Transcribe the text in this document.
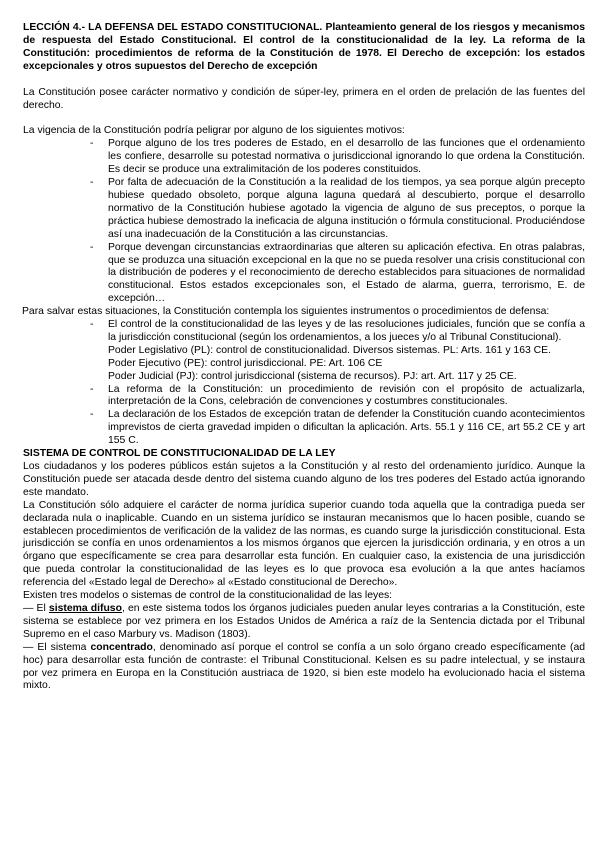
LECCIÓN 4.- LA DEFENSA DEL ESTADO CONSTITUCIONAL. Planteamiento general de los riesgos y mecanismos de respuesta del Estado Constitucional. El control de la constitucionalidad de la ley. La reforma de la Constitución: procedimientos de reforma de la Constitución de 1978. El Derecho de excepción: los estados excepcionales y otros supuestos del Derecho de excepción

La Constitución posee carácter normativo y condición de súper-ley, primera en el orden de prelación de las fuentes del derecho.

La vigencia de la Constitución podría peligrar por alguno de los siguientes motivos:

- Porque alguno de los tres poderes de Estado, en el desarrollo de las funciones que el ordenamiento les confiere, desarrolle su potestad normativa o jurisdiccional ignorando lo que ordena la Constitución. Es decir se produce una extralimitación de los poderes constituidos.

- Por falta de adecuación de la Constitución a la realidad de los tiempos, ya sea porque algún precepto hubiese quedado obsoleto, porque alguna laguna quedará al descubierto, porque el desarrollo normativo de la Constitución hubiese agotado la vigencia de alguno de sus preceptos, o porque la práctica hubiese demostrado la ineficacia de alguna institución o fórmula constitucional. Produciéndose así una inadecuación de la Constitución a las circunstancias.

- Porque devengan circunstancias extraordinarias que alteren su aplicación efectiva. En otras palabras, que se produzca una situación excepcional en la que no se pueda resolver una crisis constitucional con la distribución de poderes y el reconocimiento de derecho establecidos para situaciones de normalidad constitucional. Estos estados excepcionales son, el Estado de alarma, guerra, terrorismo, E. de excepción…

Para salvar estas situaciones, la Constitución contempla los siguientes instrumentos o procedimientos de defensa:

- El control de la constitucionalidad de las leyes y de las resoluciones judiciales, función que se confía a la jurisdicción constitucional (según los ordenamientos, a los jueces y/o al Tribunal Constitucional).

Poder Legislativo (PL): control de constitucionalidad. Diversos sistemas. PL: Arts. 161 y 163 CE.

Poder Ejecutivo (PE): control jurisdiccional. PE: Art. 106 CE

Poder Judicial (PJ): control jurisdiccional (sistema de recursos). PJ: art. Art. 117 y 25 CE.

- La reforma de la Constitución: un procedimiento de revisión con el propósito de actualizarla, interpretación de la Cons, celebración de convenciones y costumbres constitucionales.

- La declaración de los Estados de excepción tratan de defender la Constitución cuando acontecimientos imprevistos de cierta gravedad impiden o dificultan la aplicación. Arts. 55.1 y 116 CE, art 55.2 CE y art 155 C.

SISTEMA DE CONTROL DE CONSTITUCIONALIDAD DE LA LEY

Los ciudadanos y los poderes públicos están sujetos a la Constitución y al resto del ordenamiento jurídico. Aunque la Constitución puede ser atacada desde dentro del sistema cuando alguno de los tres poderes del Estado actúa ignorando este mandato.

La Constitución sólo adquiere el carácter de norma jurídica superior cuando toda aquella que la contradiga pueda ser declarada nula o inaplicable. Cuando en un sistema jurídico se instauran mecanismos que lo hacen posible, cuando se establecen procedimientos de verificación de la validez de las normas, es cuando surge la jurisdicción constitucional. Esta jurisdicción se confía en unos ordenamientos a los mismos órganos que ejercen la jurisdicción ordinaria, y en otros a un órgano que específicamente se crea para desarrollar esta función. En cualquier caso, la existencia de una jurisdicción que pueda controlar la constitucionalidad de las leyes es lo que provoca esa evolución a la que antes hacíamos referencia del «Estado legal de Derecho» al «Estado constitucional de Derecho».

Existen tres modelos o sistemas de control de la constitucionalidad de las leyes:

— El sistema difuso, en este sistema todos los órganos judiciales pueden anular leyes contrarias a la Constitución, este sistema se establece por vez primera en los Estados Unidos de América a raíz de la Sentencia dictada por el Tribunal Supremo en el caso Marbury vs. Madison (1803).

— El sistema concentrado, denominado así porque el control se confía a un solo órgano creado específicamente (ad hoc) para desarrollar esta función de contraste: el Tribunal Constitucional. Kelsen es su padre intelectual, y se instaura por vez primera en Europa en la Constitución austriaca de 1920, si bien este modelo ha evolucionado hacia el sistema mixto.
